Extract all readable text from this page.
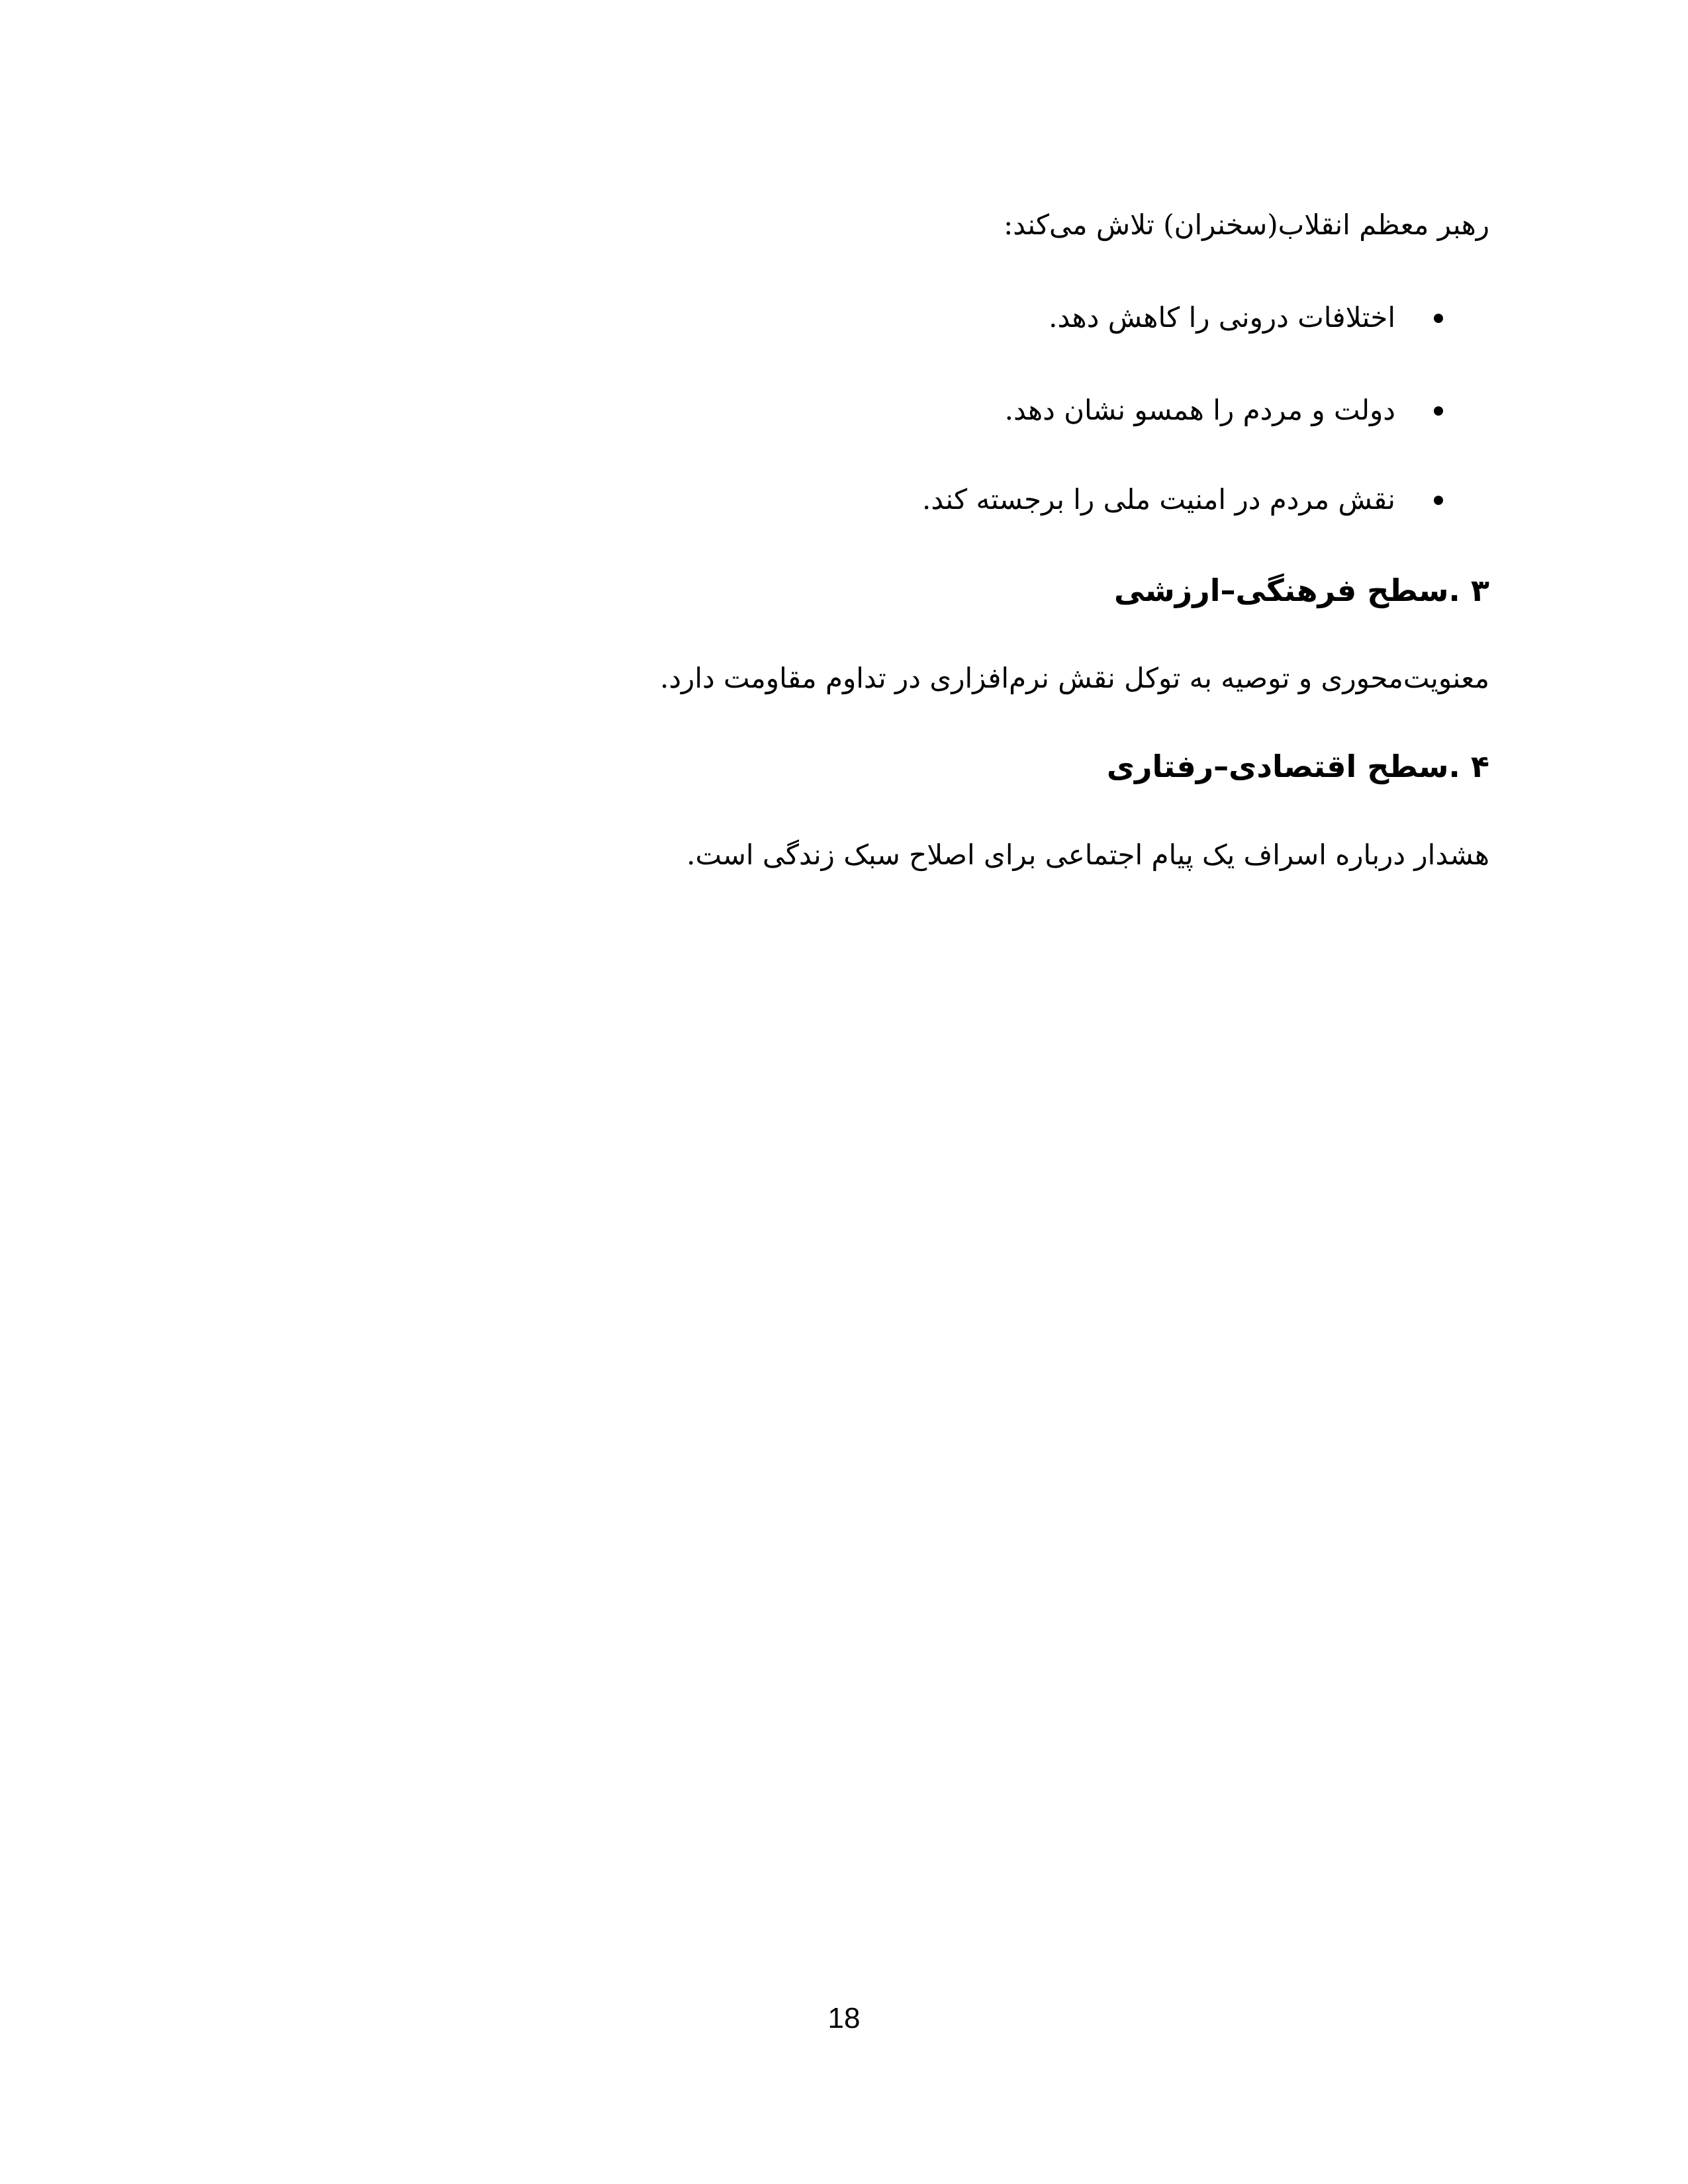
رهبر معظم انقلاب(سخنران) تلاش می‌کند:
اختلافات درونی را کاهش دهد.
دولت و مردم را همسو نشان دهد.
نقش مردم در امنیت ملی را برجسته کند.
۳ .سطح فرهنگی–ارزشی
معنویت‌محوری و توصیه به توکل نقش نرم‌افزاری در تداوم مقاومت دارد.
۴ .سطح اقتصادی–رفتاری
هشدار درباره اسراف یک پیام اجتماعی برای اصلاح سبک زندگی است.
18
